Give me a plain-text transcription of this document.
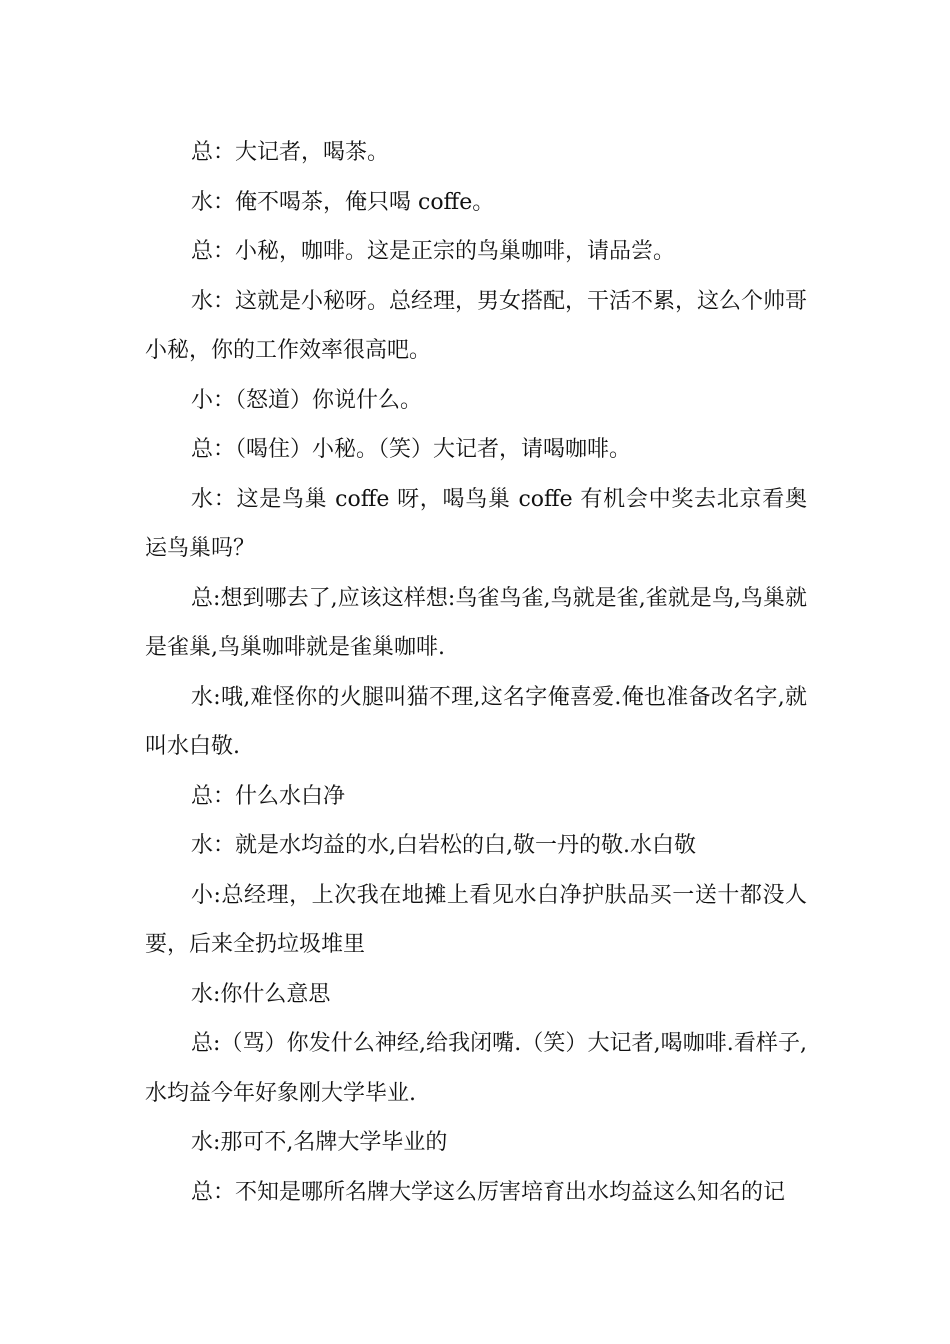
总：大记者，喝茶。

水：俺不喝茶，俺只喝 coffe。

总：小秘，咖啡。这是正宗的鸟巢咖啡，请品尝。

水：这就是小秘呀。总经理，男女搭配，干活不累，这么个帅哥小秘，你的工作效率很高吧。

小：（怒道）你说什么。

总：（喝住）小秘。（笑）大记者，请喝咖啡。

水：这是鸟巢 coffe 呀，喝鸟巢 coffe 有机会中奖去北京看奥运鸟巢吗？

总:想到哪去了,应该这样想:鸟雀鸟雀,鸟就是雀,雀就是鸟,鸟巢就是雀巢,鸟巢咖啡就是雀巢咖啡.

水:哦,难怪你的火腿叫猫不理,这名字俺喜爱.俺也准备改名字,就叫水白敬.

总：什么水白净

水：就是水均益的水,白岩松的白,敬一丹的敬.水白敬

小:总经理，上次我在地摊上看见水白净护肤品买一送十都没人要，后来全扔垃圾堆里

水:你什么意思

总:（骂）你发什么神经,给我闭嘴.（笑）大记者,喝咖啡.看样子,水均益今年好象刚大学毕业.

水:那可不,名牌大学毕业的

总：不知是哪所名牌大学这么厉害培育出水均益这么知名的记
